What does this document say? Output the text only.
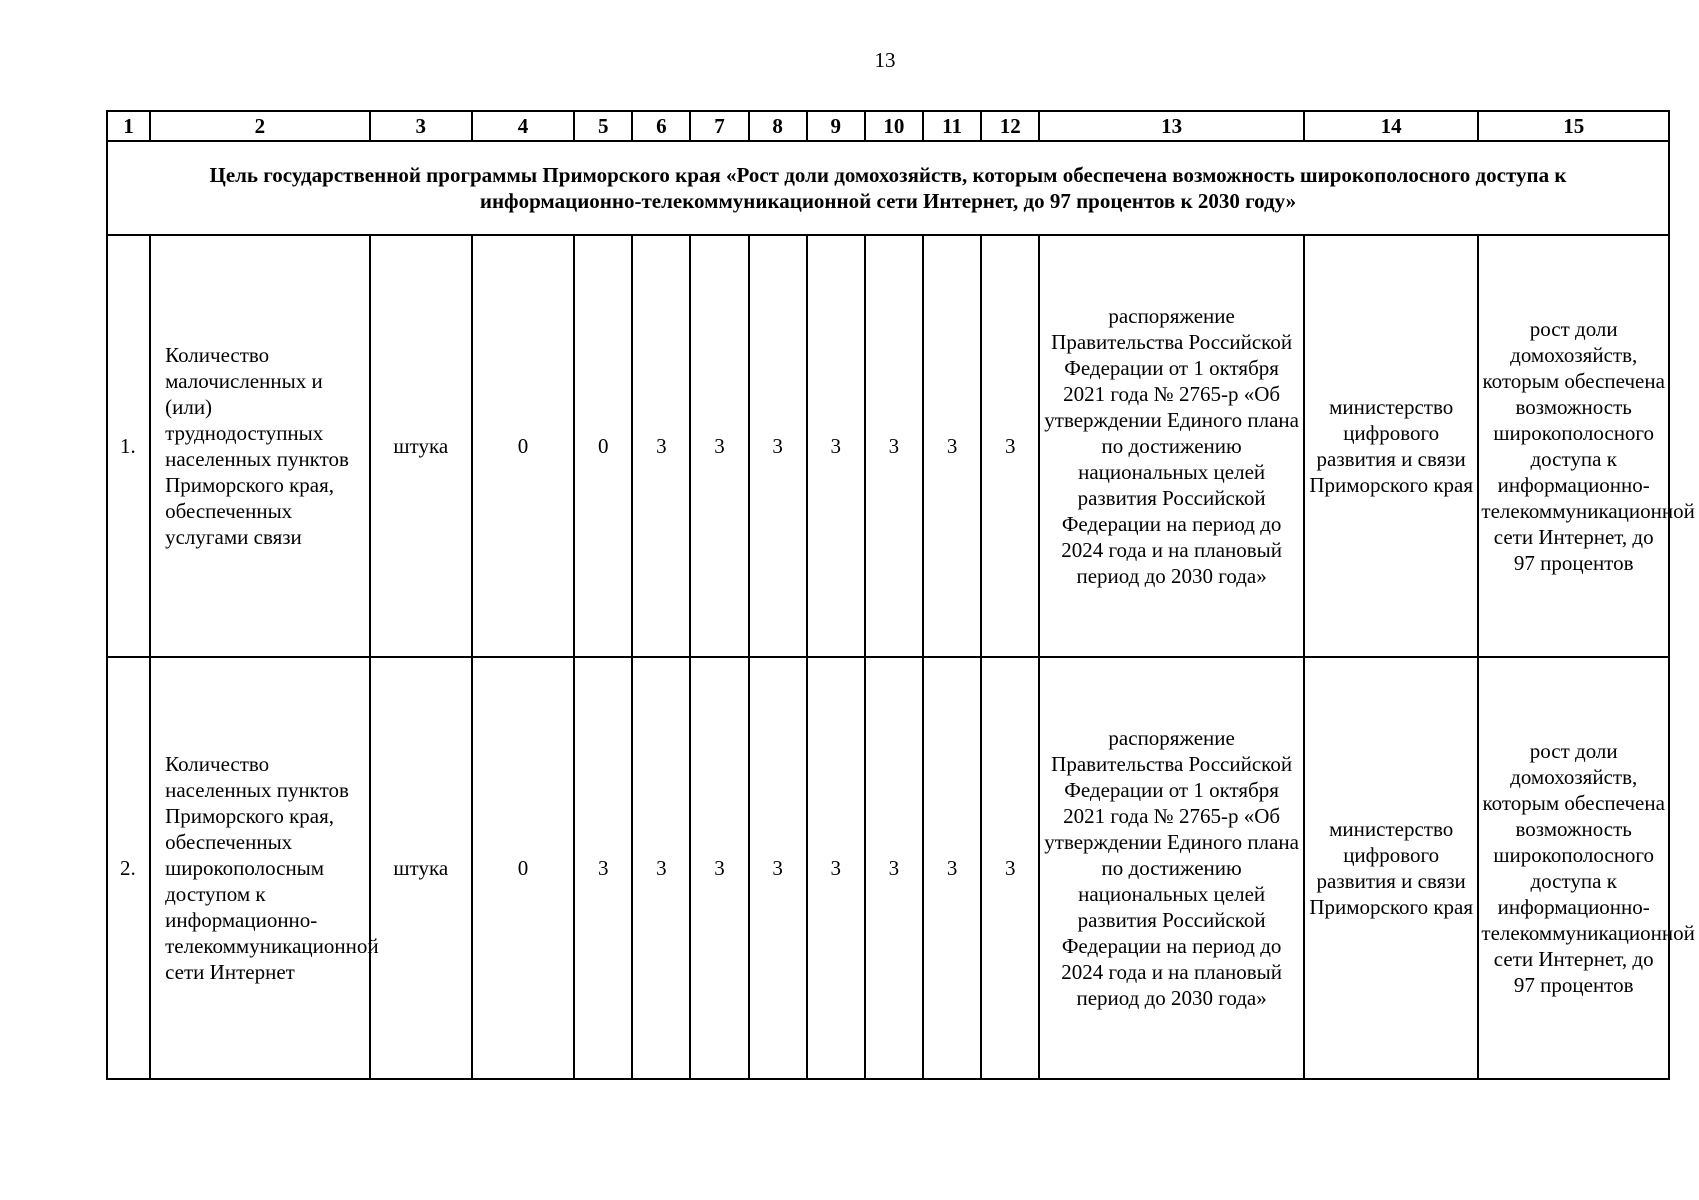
13
1	2	3	4	5	6	7	8	9	10	11	12	13	14	15
Цель государственной программы Приморского края «Рост доли домохозяйств, которым обеспечена возможность широкополосного доступа к информационно-телекоммуникационной сети Интернет, до 97 процентов к 2030 году»														
1.	Количество малочисленных и (или) труднодоступных населенных пунктов Приморского края, обеспеченных услугами связи	штука	0	0	3	3	3	3	3	3	3	распоряжение Правительства Российской Федерации от 1 октября 2021 года № 2765-р «Об утверждении Единого плана по достижению национальных целей развития Российской Федерации на период до 2024 года и на плановый период до 2030 года»	министерство цифрового развития и связи Приморского края	рост доли домохозяйств, которым обеспечена возможность широкополосного доступа к информационно-телекоммуникационной сети Интернет, до 97 процентов
2.	Количество населенных пунктов Приморского края, обеспеченных широкополосным доступом к информационно-телекоммуникационной сети Интернет	штука	0	3	3	3	3	3	3	3	3	распоряжение Правительства Российской Федерации от 1 октября 2021 года № 2765-р «Об утверждении Единого плана по достижению национальных целей развития Российской Федерации на период до 2024 года и на плановый период до 2030 года»	министерство цифрового развития и связи Приморского края	рост доли домохозяйств, которым обеспечена возможность широкополосного доступа к информационно-телекоммуникационной сети Интернет, до 97 процентов
